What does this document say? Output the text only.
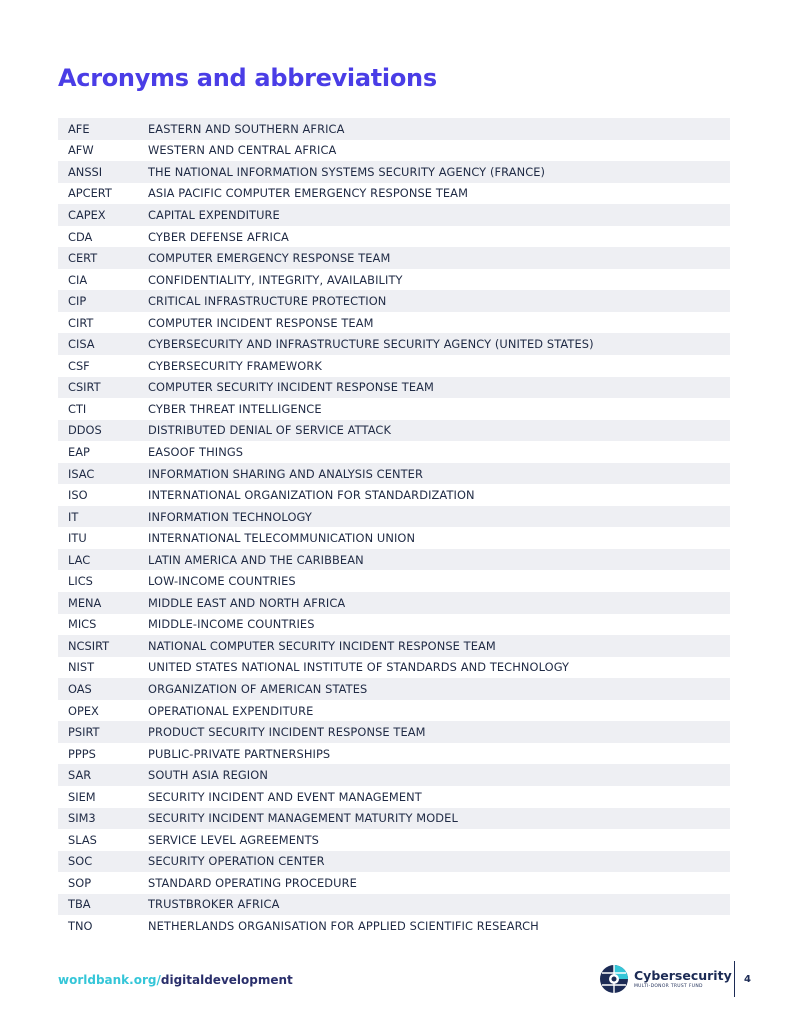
Acronyms and abbreviations
AFE	EASTERN AND SOUTHERN AFRICA
AFW	WESTERN AND CENTRAL AFRICA
ANSSI	THE NATIONAL INFORMATION SYSTEMS SECURITY AGENCY (FRANCE)
APCERT	ASIA PACIFIC COMPUTER EMERGENCY RESPONSE TEAM
CAPEX	CAPITAL EXPENDITURE
CDA	CYBER DEFENSE AFRICA
CERT	COMPUTER EMERGENCY RESPONSE TEAM
CIA	CONFIDENTIALITY, INTEGRITY, AVAILABILITY
CIP	CRITICAL INFRASTRUCTURE PROTECTION
CIRT	COMPUTER INCIDENT RESPONSE TEAM
CISA	CYBERSECURITY AND INFRASTRUCTURE SECURITY AGENCY (UNITED STATES)
CSF	CYBERSECURITY FRAMEWORK
CSIRT	COMPUTER SECURITY INCIDENT RESPONSE TEAM
CTI	CYBER THREAT INTELLIGENCE
DDOS	DISTRIBUTED DENIAL OF SERVICE ATTACK
EAP	EASOOF THINGS
ISAC	INFORMATION SHARING AND ANALYSIS CENTER
ISO	INTERNATIONAL ORGANIZATION FOR STANDARDIZATION
IT	INFORMATION TECHNOLOGY
ITU	INTERNATIONAL TELECOMMUNICATION UNION
LAC	LATIN AMERICA AND THE CARIBBEAN
LICS	LOW-INCOME COUNTRIES
MENA	MIDDLE EAST AND NORTH AFRICA
MICS	MIDDLE-INCOME COUNTRIES
NCSIRT	NATIONAL COMPUTER SECURITY INCIDENT RESPONSE TEAM
NIST	UNITED STATES NATIONAL INSTITUTE OF STANDARDS AND TECHNOLOGY
OAS	ORGANIZATION OF AMERICAN STATES
OPEX	OPERATIONAL EXPENDITURE
PSIRT	PRODUCT SECURITY INCIDENT RESPONSE TEAM
PPPS	PUBLIC-PRIVATE PARTNERSHIPS
SAR	SOUTH ASIA REGION
SIEM	SECURITY INCIDENT AND EVENT MANAGEMENT
SIM3	SECURITY INCIDENT MANAGEMENT MATURITY MODEL
SLAS	SERVICE LEVEL AGREEMENTS
SOC	SECURITY OPERATION CENTER
SOP	STANDARD OPERATING PROCEDURE
TBA	TRUSTBROKER AFRICA
TNO	NETHERLANDS ORGANISATION FOR APPLIED SCIENTIFIC RESEARCH
worldbank.org/digitaldevelopment	Cybersecurity
MULTI-DONOR TRUST FUND
4
